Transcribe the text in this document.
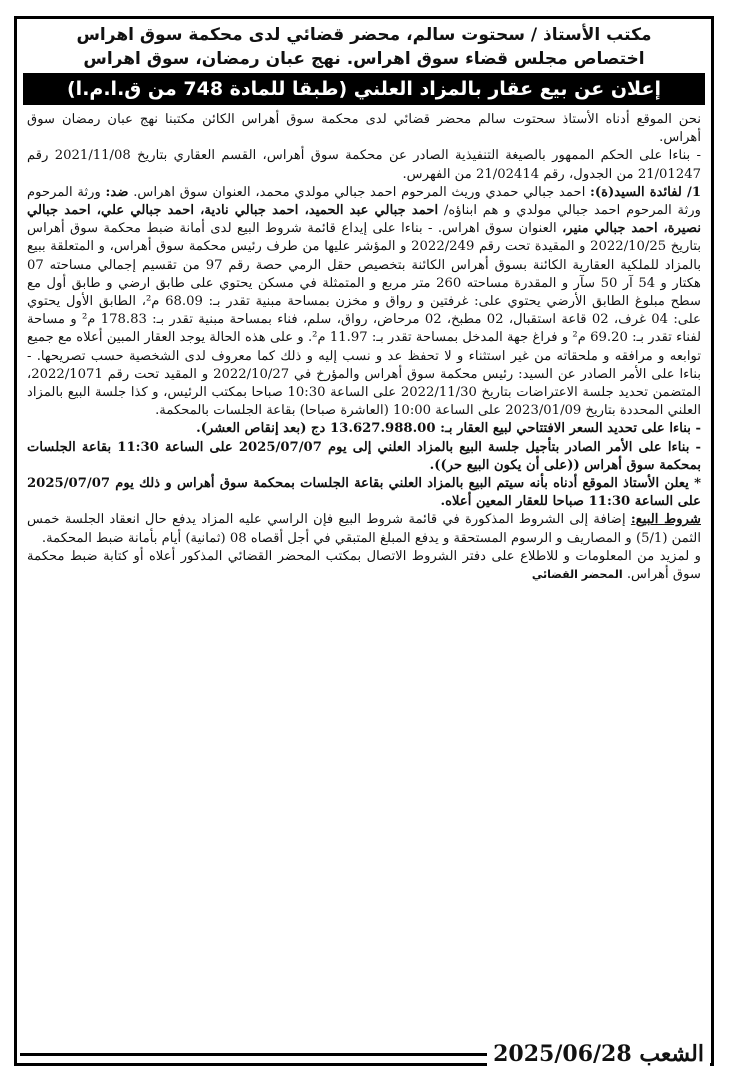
مكتب الأستاذ / سحتوت سالم، محضر قضائي لدى محكمة سوق اهراس
اختصاص مجلس قضاء سوق اهراس. نهج عبان رمضان، سوق اهراس
إعلان عن بيع عقار بالمزاد العلني (طبقا للمادة 748 من ق.ا.م.ا)

نحن الموقع أدناه الأستاذ سحتوت سالم محضر قضائي لدى محكمة سوق أهراس الكائن مكتبنا نهج عبان رمضان سوق أهراس.

- بناءا على الحكم الممهور بالصيغة التنفيذية الصادر عن محكمة سوق أهراس، القسم العقاري بتاريخ 2021/11/08 رقم 21/01247 من الجدول، رقم 21/02414 من الفهرس.

1/ لفائدة السيد(ة): احمد جبالي حمدي وريث المرحوم احمد جبالي مولدي محمد، العنوان سوق اهراس. ضد: ورثة المرحوم ورثة المرحوم احمد جبالي مولدي و هم ابناؤه/ احمد جبالي عبد الحميد، احمد جبالي نادية، احمد جبالي علي، احمد جبالي نصيرة، احمد جبالي منير، العنوان سوق اهراس. - بناءا على إيداع قائمة شروط البيع لدى أمانة ضبط محكمة سوق أهراس بتاريخ 2022/10/25 و المقيدة تحت رقم 2022/249 و المؤشر عليها من طرف رئيس محكمة سوق أهراس، و المتعلقة ببيع بالمزاد للملكية العقارية الكائنة بسوق أهراس الكائنة بتخصيص حقل الرمي حصة رقم 97 من تقسيم إجمالي مساحته 07 هكتار و 54 آر 50 سآر و المقدرة مساحته 260 متر مربع و المتمثلة في مسكن يحتوي على طابق ارضي و طابق أول مع سطح مبلوغ الطابق الأرضي يحتوي على: غرفتين و رواق و مخزن بمساحة مبنية تقدر بـ: 68.09 م²، الطابق الأول يحتوي على: 04 غرف، 02 قاعة استقبال، 02 مطبخ، 02 مرحاض، رواق، سلم، فناء بمساحة مبنية تقدر بـ: 178.83 م² و مساحة لفناء تقدر بـ: 69.20 م² و فراغ جهة المدخل بمساحة تقدر بـ: 11.97 م². و على هذه الحالة يوجد العقار المبين أعلاه مع جميع توابعه و مرافقه و ملحقاته من غير استثناء و لا تحفظ عد و نسب إليه و ذلك كما معروف لدى الشخصية حسب تصريحها. - بناءا على الأمر الصادر عن السيد: رئيس محكمة سوق أهراس والمؤرخ في 2022/10/27 و المقيد تحت رقم 2022/1071، المتضمن تحديد جلسة الاعتراضات بتاريخ 2022/11/30 على الساعة 10:30 صباحا بمكتب الرئيس، و كذا جلسة البيع بالمزاد العلني المحددة بتاريخ 2023/01/09 على الساعة 10:00 (العاشرة صباحا) بقاعة الجلسات بالمحكمة.

- بناءا على تحديد السعر الافتتاحي لبيع العقار بـ: 13.627.988.00 دج (بعد إنقاص العشر).

- بناءا على الأمر الصادر بتأجيل جلسة البيع بالمزاد العلني إلى يوم 2025/07/07 على الساعة 11:30 بقاعة الجلسات بمحكمة سوق أهراس ((على أن يكون البيع حر)).

* يعلن الأستاذ الموقع أدناه بأنه سيتم البيع بالمزاد العلني بقاعة الجلسات بمحكمة سوق أهراس و ذلك يوم 2025/07/07 على الساعة 11:30 صباحا للعقار المعين أعلاه.

شروط البيع: إضافة إلى الشروط المذكورة في قائمة شروط البيع فإن الراسي عليه المزاد يدفع حال انعقاد الجلسة خمس الثمن (5/1) و المصاريف و الرسوم المستحقة و يدفع المبلغ المتبقي في أجل أقصاه 08 (ثمانية) أيام بأمانة ضبط المحكمة.

و لمزيد من المعلومات و للاطلاع على دفتر الشروط الاتصال بمكتب المحضر القضائي المذكور أعلاه أو كتابة ضبط محكمة سوق أهراس. المحضر القضائي

الشعب 2025/06/28
